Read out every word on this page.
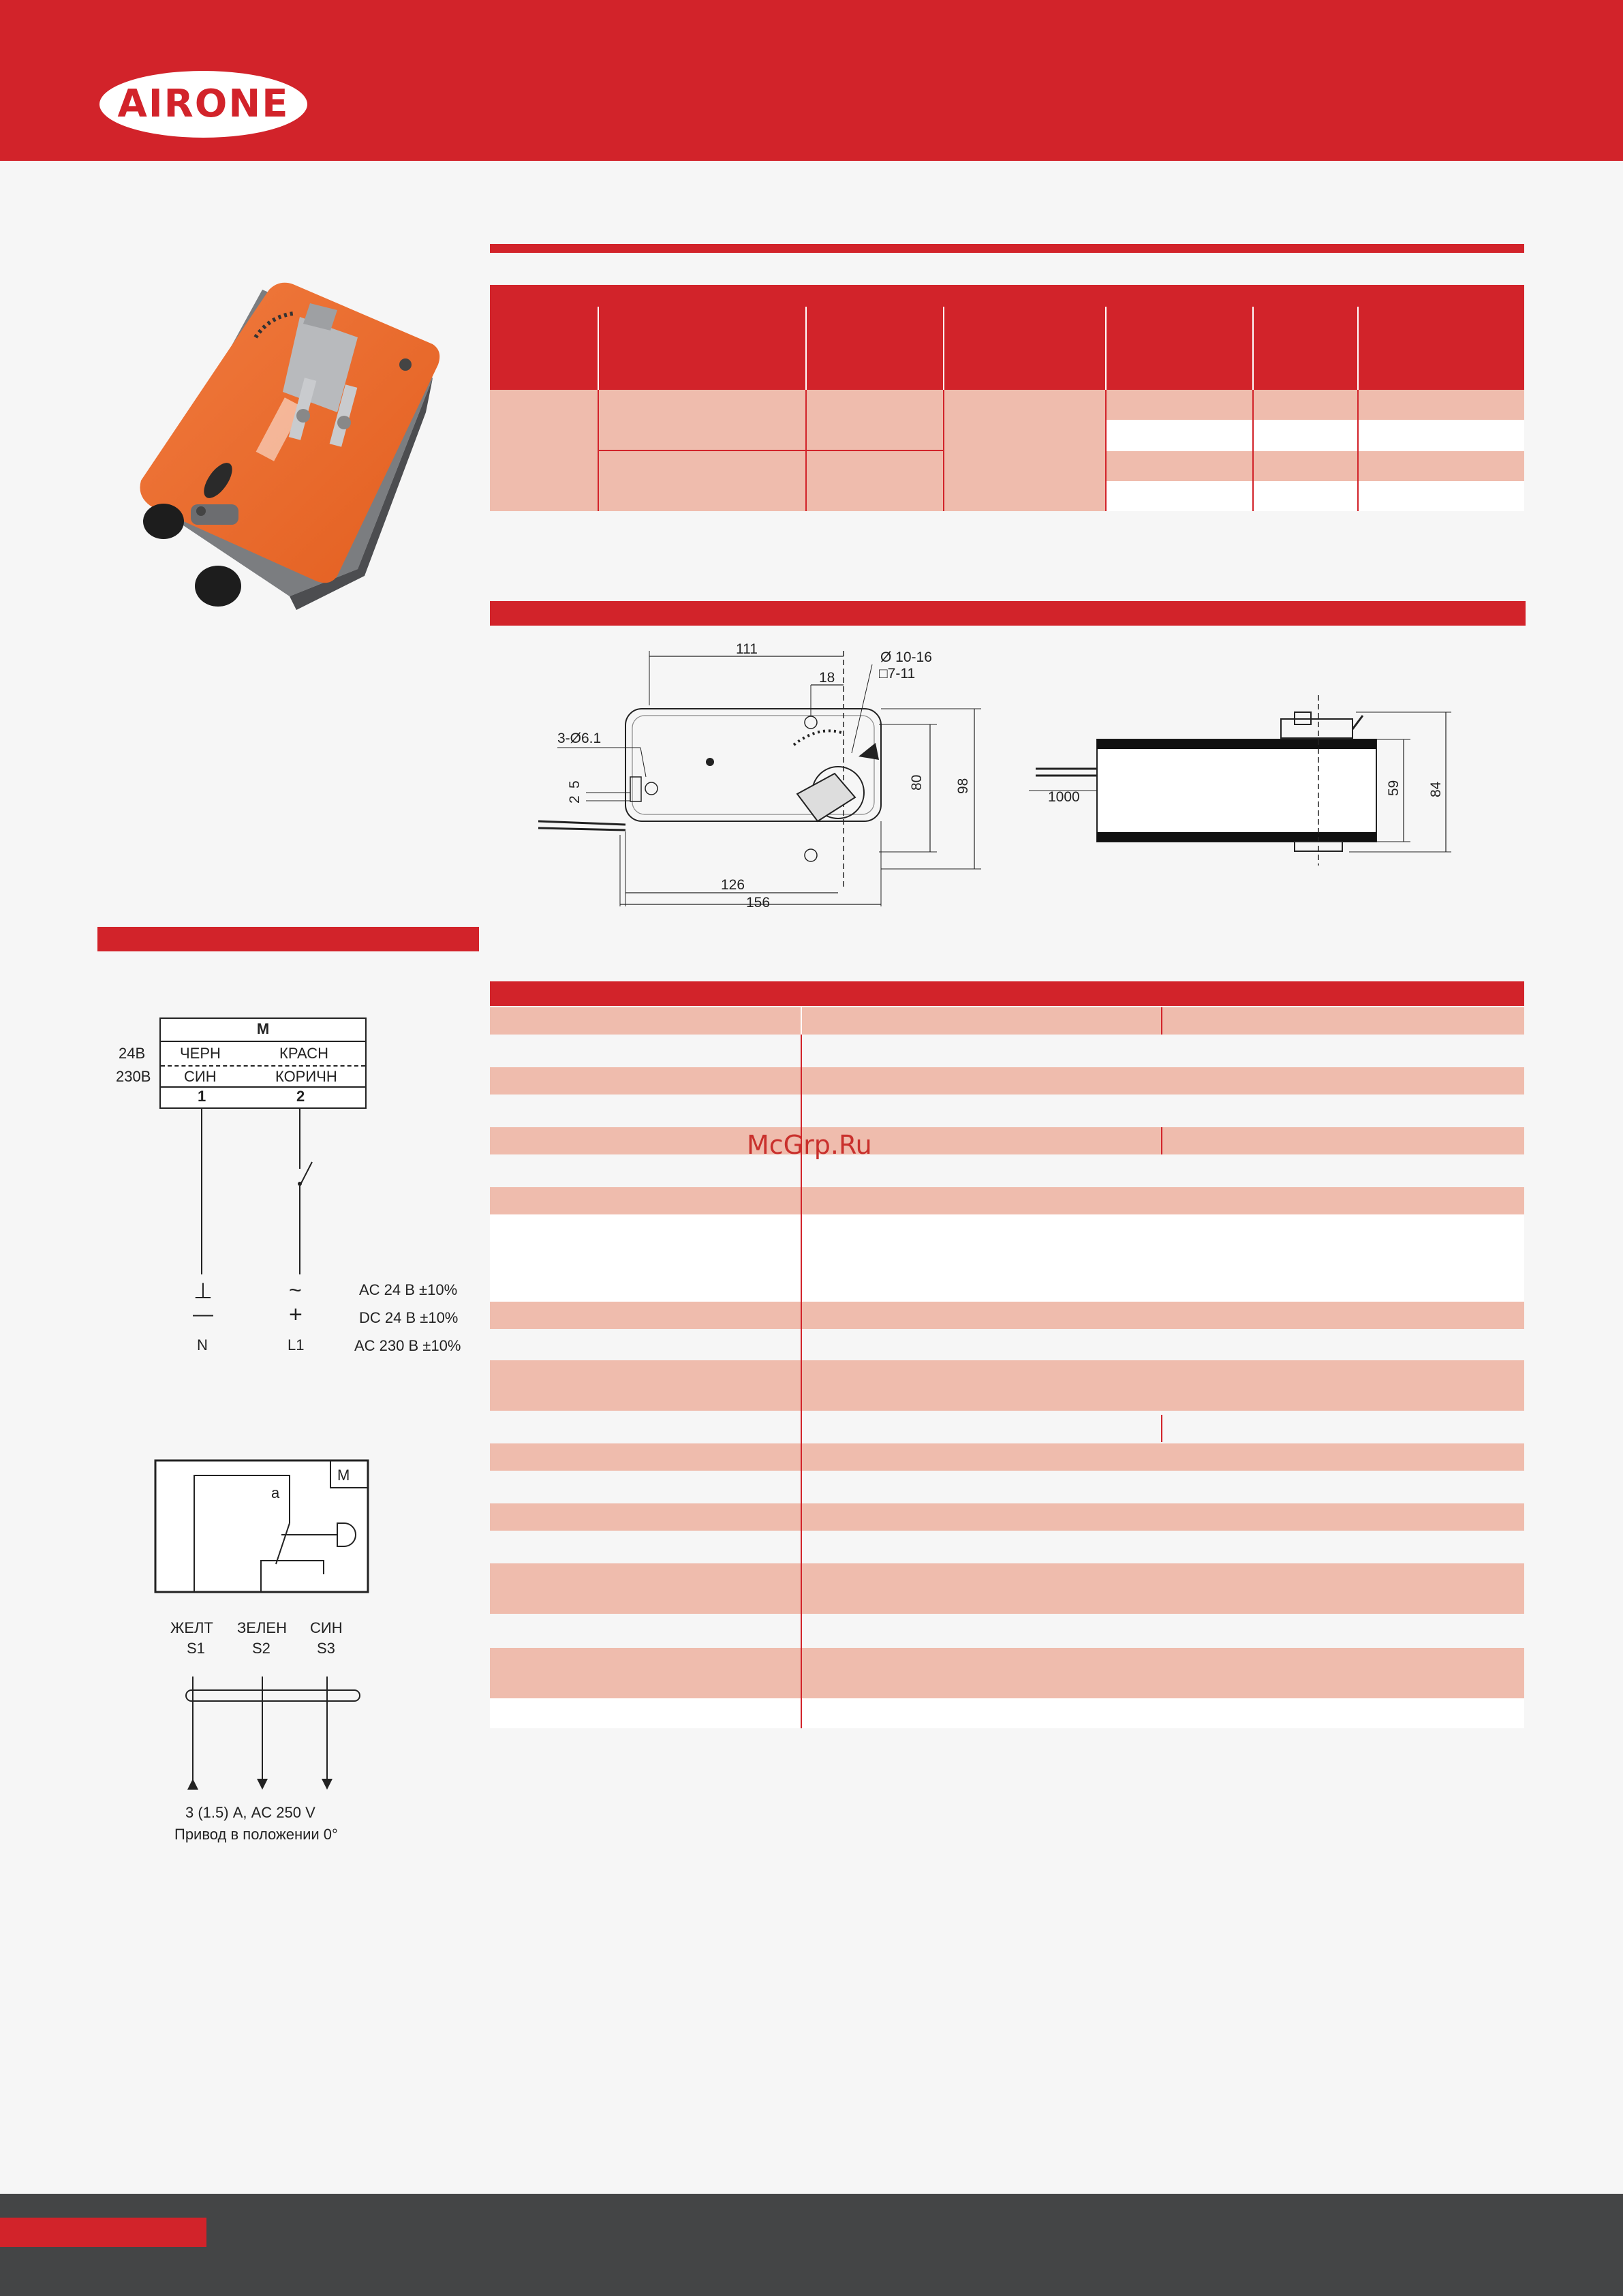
AIRONE
111
18
Ø 10-16
□7-11
3-Ø6.1
5
2
80 98
126
156
1000
59 84
M
24В ЧЕРН	КРАСН
230В СИН	КОРИЧН
1	2
⊥
—
N
~
+
L1
AC 24 В ±10%
DC 24 В ±10%
AC 230 В ±10%
M
a
ЖЕЛТ
S1
ЗЕЛЕН
S2
СИН
S3
3 (1.5) А, AC 250 V
Привод в положении 0°
McGrp.Ru
